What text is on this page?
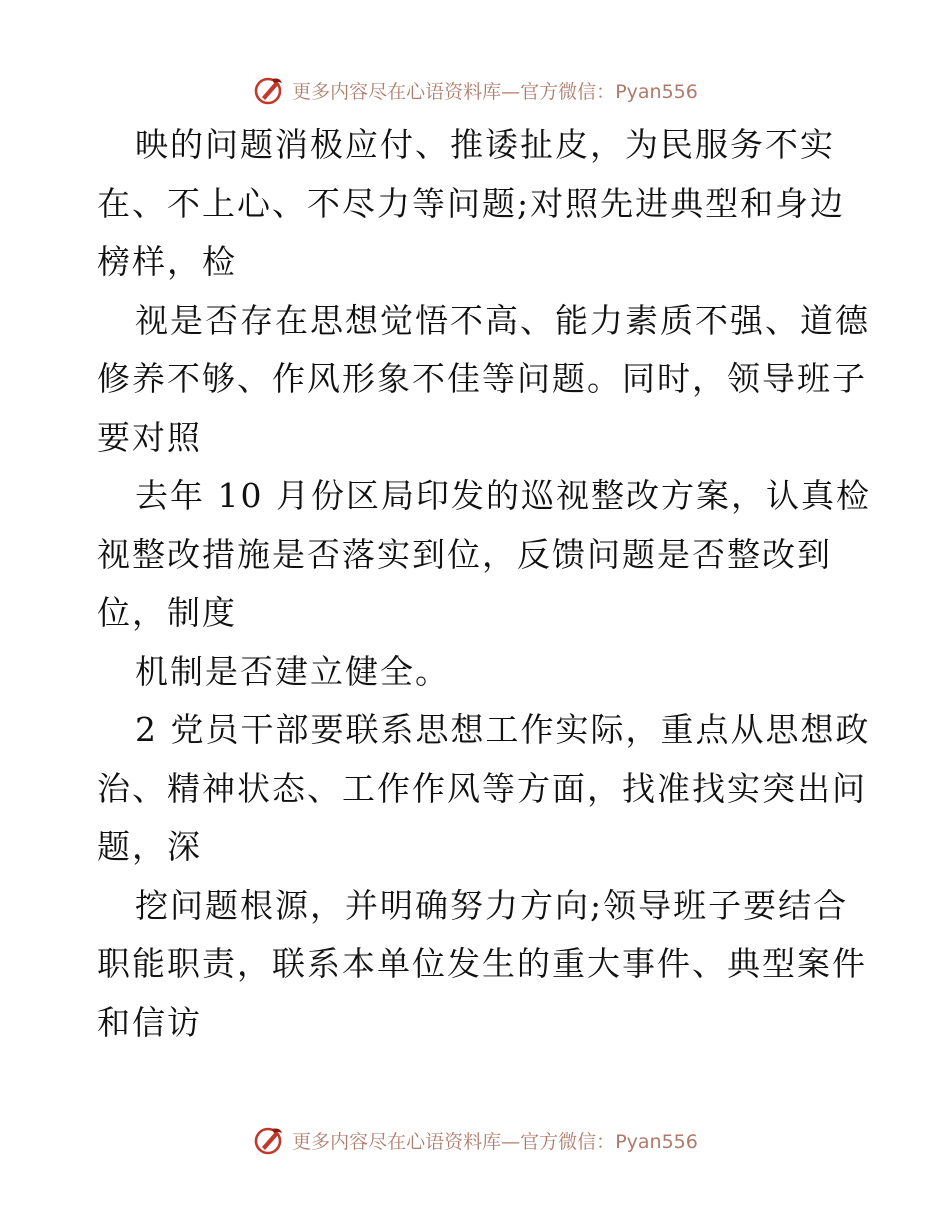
更多内容尽在心语资料库—官方微信：Pyan556
映的问题消极应付、推诿扯皮，为民服务不实
在、不上心、不尽力等问题;对照先进典型和身边
榜样，检
视是否存在思想觉悟不高、能力素质不强、道德
修养不够、作风形象不佳等问题。同时，领导班子
要对照
去年 10 月份区局印发的巡视整改方案，认真检
视整改措施是否落实到位，反馈问题是否整改到
位，制度
机制是否建立健全。
2 党员干部要联系思想工作实际，重点从思想政
治、精神状态、工作作风等方面，找准找实突出问
题，深
挖问题根源，并明确努力方向;领导班子要结合
职能职责，联系本单位发生的重大事件、典型案件
和信访
更多内容尽在心语资料库—官方微信：Pyan556
